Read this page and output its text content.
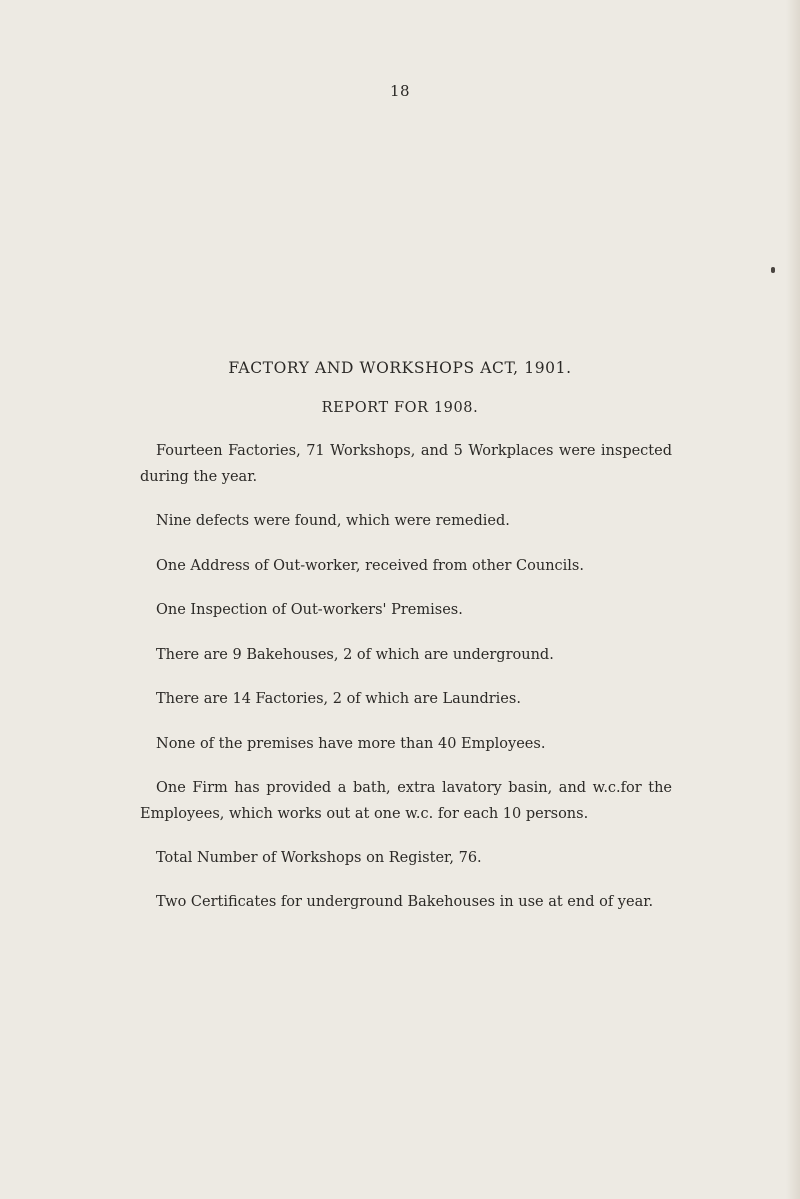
18
FACTORY AND WORKSHOPS ACT, 1901.
REPORT FOR 1908.
Fourteen Factories, 71 Workshops, and 5 Workplaces were inspected during the year.
Nine defects were found, which were remedied.
One Address of Out-worker, received from other Councils.
One Inspection of Out-workers' Premises.
There are 9 Bakehouses, 2 of which are underground.
There are 14 Factories, 2 of which are Laundries.
None of the premises have more than 40 Employees.
One Firm has provided a bath, extra lavatory basin, and w.c.for the Employees, which works out at one w.c. for each 10 persons.
Total Number of Workshops on Register, 76.
Two Certificates for underground Bakehouses in use at end of year.
